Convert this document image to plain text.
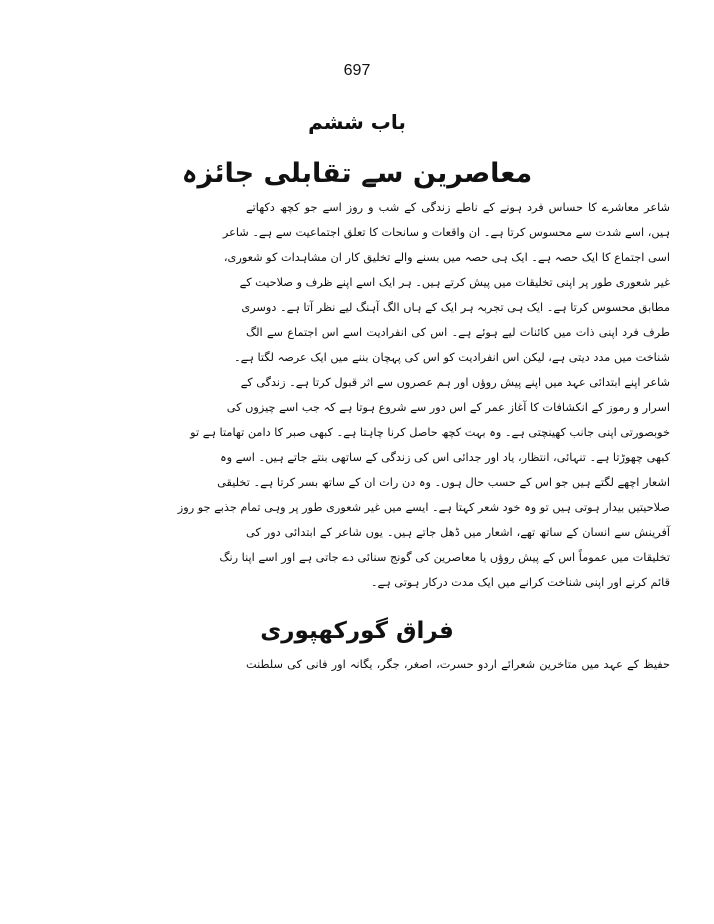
697
باب ششم
معاصرین سے تقابلی جائزہ
شاعر معاشرے کا حساس فرد ہونے کے ناطے زندگی کے شب و روز اسے جو کچھ دکھاتے
ہیں، اسے شدت سے محسوس کرتا ہے۔ ان واقعات و سانحات کا تعلق اجتماعیت سے ہے۔ شاعر
اسی اجتماع کا ایک حصہ ہے۔ ایک ہی حصہ میں بسنے والے تخلیق کار ان مشاہدات کو شعوری،
غیر شعوری طور پر اپنی تخلیقات میں پیش کرتے ہیں۔ ہر ایک اسے اپنے ظرف و صلاحیت کے
مطابق محسوس کرتا ہے۔ ایک ہی تجربہ ہر ایک کے ہاں الگ آہنگ لیے نظر آتا ہے۔ دوسری
طرف فرد اپنی ذات میں کائنات لیے ہوئے ہے۔ اس کی انفرادیت اسے اس اجتماع سے الگ
شناخت میں مدد دیتی ہے، لیکن اس انفرادیت کو اس کی پہچان بننے میں ایک عرصہ لگتا ہے۔
شاعر اپنے ابتدائی عہد میں اپنے پیش روؤں اور ہم عصروں سے اثر قبول کرتا ہے۔ زندگی کے
اسرار و رموز کے انکشافات کا آغاز عمر کے اس دور سے شروع ہوتا ہے کہ جب اسے چیزوں کی
خوبصورتی اپنی جانب کھینچتی ہے۔ وہ بہت کچھ حاصل کرنا چاہتا ہے۔ کبھی صبر کا دامن تھامتا ہے تو
کبھی چھوڑتا ہے۔ تنہائی، انتظار، یاد اور جدائی اس کی زندگی کے ساتھی بنتے جاتے ہیں۔ اسے وہ
اشعار اچھے لگتے ہیں جو اس کے حسب حال ہوں۔ وہ دن رات ان کے ساتھ بسر کرتا ہے۔ تخلیقی
صلاحیتیں بیدار ہوتی ہیں تو وہ خود شعر کہتا ہے۔ ایسے میں غیر شعوری طور پر وہی تمام جذبے جو روز
آفرینش سے انسان کے ساتھ تھے، اشعار میں ڈھل جاتے ہیں۔ یوں شاعر کے ابتدائی دور کی
تخلیقات میں عموماً اس کے پیش روؤں یا معاصرین کی گونج سنائی دے جاتی ہے اور اسے اپنا رنگ
قائم کرنے اور اپنی شناخت کرانے میں ایک مدت درکار ہوتی ہے۔
فراق گورکھپوری
حفیظ کے عہد میں متاخرین شعرائے اردو حسرت، اصغر، جگر، یگانہ اور فانی کی سلطنت
